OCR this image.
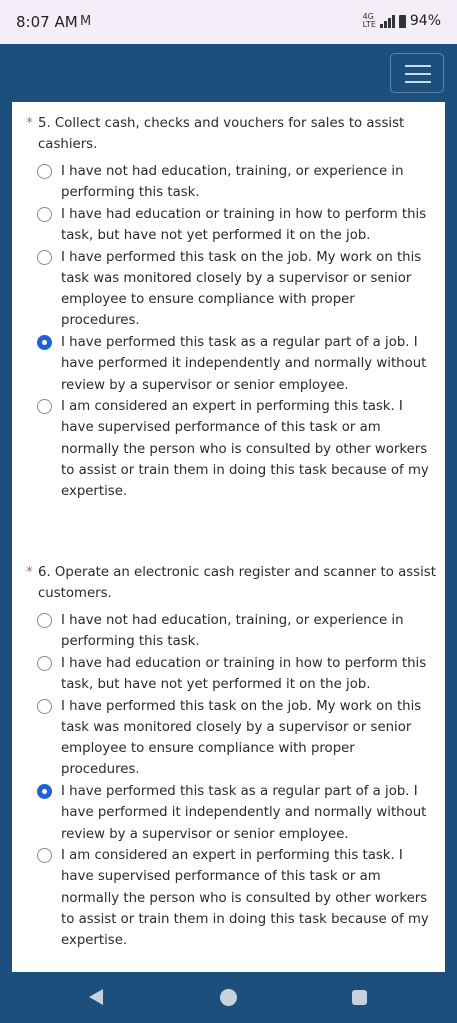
8:07 AM M	4G
LTE 94%
* 5. Collect cash, checks and vouchers for sales to assist cashiers.
I have not had education, training, or experience in performing this task.
I have had education or training in how to perform this task, but have not yet performed it on the job.
I have performed this task on the job. My work on this task was monitored closely by a supervisor or senior employee to ensure compliance with proper procedures.
I have performed this task as a regular part of a job. I have performed it independently and normally without review by a supervisor or senior employee.
I am considered an expert in performing this task. I have supervised performance of this task or am normally the person who is consulted by other workers to assist or train them in doing this task because of my expertise.
* 6. Operate an electronic cash register and scanner to assist customers.
I have not had education, training, or experience in performing this task.
I have had education or training in how to perform this task, but have not yet performed it on the job.
I have performed this task on the job. My work on this task was monitored closely by a supervisor or senior employee to ensure compliance with proper procedures.
I have performed this task as a regular part of a job. I have performed it independently and normally without review by a supervisor or senior employee.
I am considered an expert in performing this task. I have supervised performance of this task or am normally the person who is consulted by other workers to assist or train them in doing this task because of my expertise.
